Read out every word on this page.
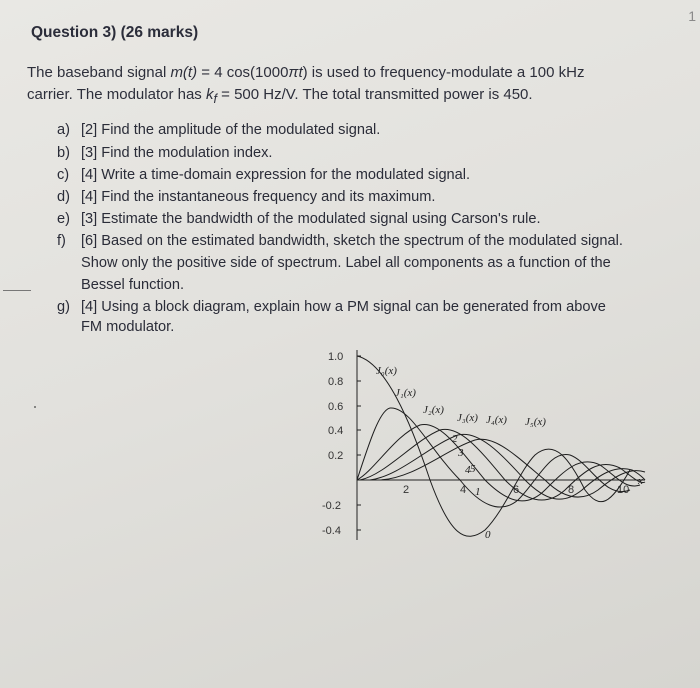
1
Question 3) (26 marks)
The baseband signal m(t) = 4 cos(1000πt) is used to frequency-modulate a 100 kHz
carrier. The modulator has $k_f = 500$ Hz/V. The total transmitted power is 450.
a) [2] Find the amplitude of the modulated signal.
b) [3] Find the modulation index.
c) [4] Write a time-domain expression for the modulated signal.
d) [4] Find the instantaneous frequency and its maximum.
e) [3] Estimate the bandwidth of the modulated signal using Carson's rule.
f) [6] Based on the estimated bandwidth, sketch the spectrum of the modulated signal.
Show only the positive side of spectrum. Label all components as a function of the
Bessel function.
g) [4] Using a block diagram, explain how a PM signal can be generated from above
FM modulator.
1.0
0.8
0.6
0.4
0.2
-0.2
-0.4
2	4	6	8	10
x
J₀(x)
J₁(x)
J₂(x)
J₃(x) J₄(x) J₅(x)
1
2
3
4 5
0
